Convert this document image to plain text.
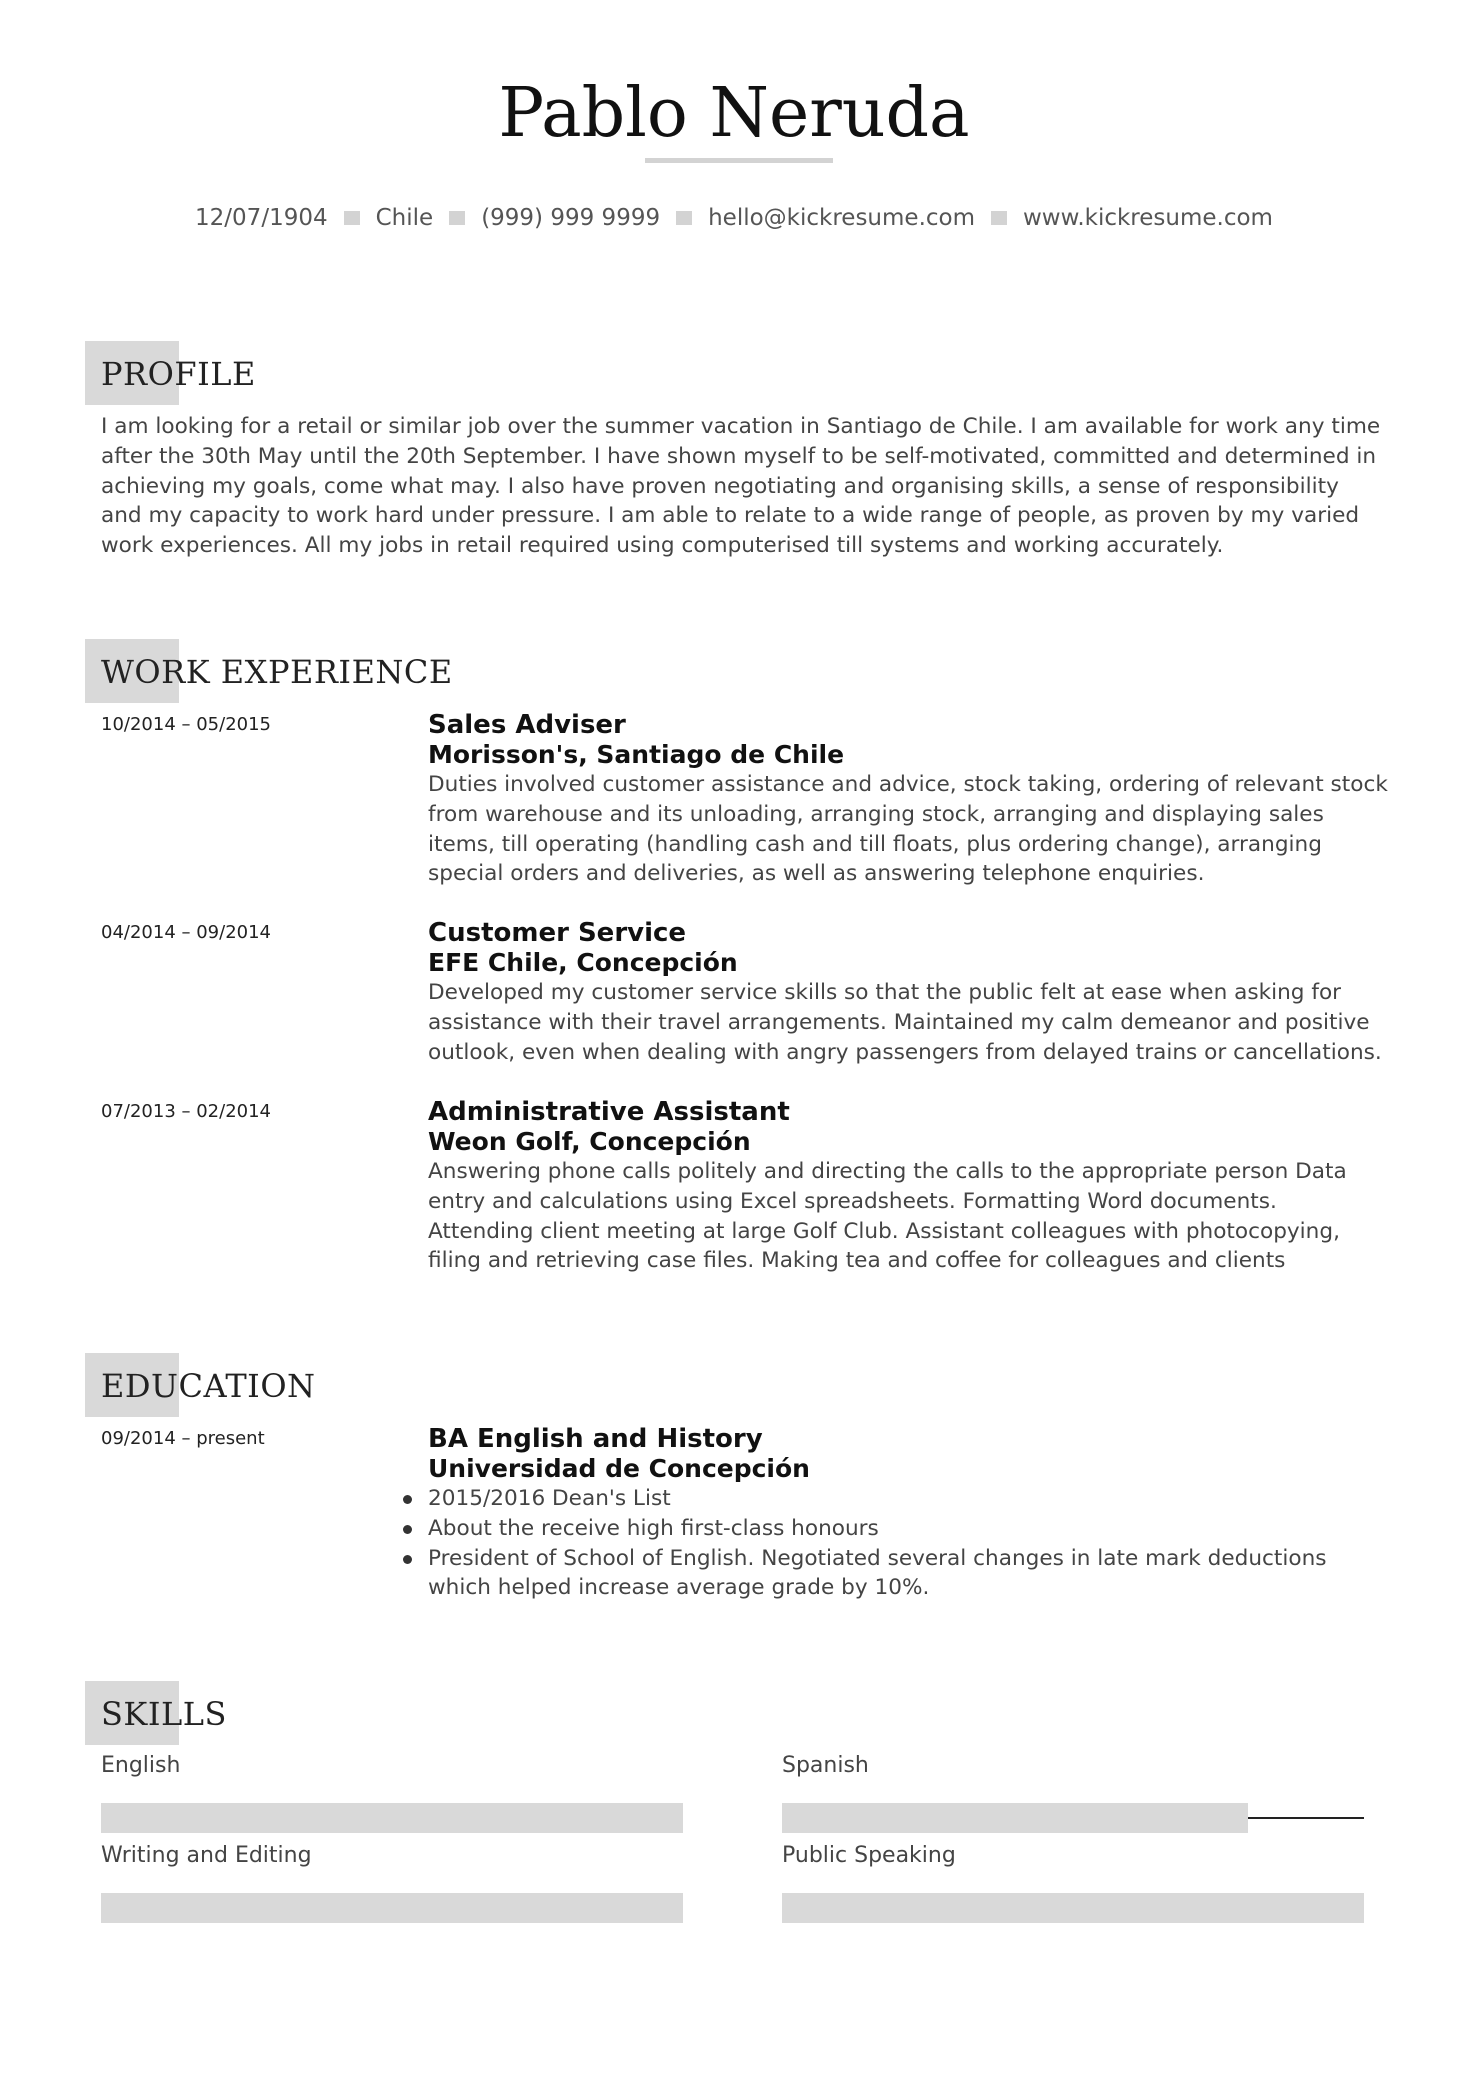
Pablo Neruda
12/07/1904 Chile (999) 999 9999 hello@kickresume.com www.kickresume.com
PROFILE
I am looking for a retail or similar job over the summer vacation in Santiago de Chile. I am available for work any time after the 30th May until the 20th September. I have shown myself to be self-motivated, committed and determined in achieving my goals, come what may. I also have proven negotiating and organising skills, a sense of responsibility and my capacity to work hard under pressure. I am able to relate to a wide range of people, as proven by my varied work experiences. All my jobs in retail required using computerised till systems and working accurately.
WORK EXPERIENCE
10/2014 – 05/2015	Sales Adviser
Morisson's, Santiago de Chile
Duties involved customer assistance and advice, stock taking, ordering of relevant stock from warehouse and its unloading, arranging stock, arranging and displaying sales items, till operating (handling cash and till floats, plus ordering change), arranging special orders and deliveries, as well as answering telephone enquiries.
04/2014 – 09/2014	Customer Service
EFE Chile, Concepción
Developed my customer service skills so that the public felt at ease when asking for assistance with their travel arrangements. Maintained my calm demeanor and positive outlook, even when dealing with angry passengers from delayed trains or cancellations.
07/2013 – 02/2014	Administrative Assistant
Weon Golf, Concepción
Answering phone calls politely and directing the calls to the appropriate person Data entry and calculations using Excel spreadsheets. Formatting Word documents. Attending client meeting at large Golf Club. Assistant colleagues with photocopying, filing and retrieving case files. Making tea and coffee for colleagues and clients
EDUCATION
09/2014 – present	BA English and History
Universidad de Concepción
2015/2016 Dean's List
About the receive high first-class honours
President of School of English. Negotiated several changes in late mark deductions which helped increase average grade by 10%.
SKILLS
English	Spanish
Writing and Editing	Public Speaking
